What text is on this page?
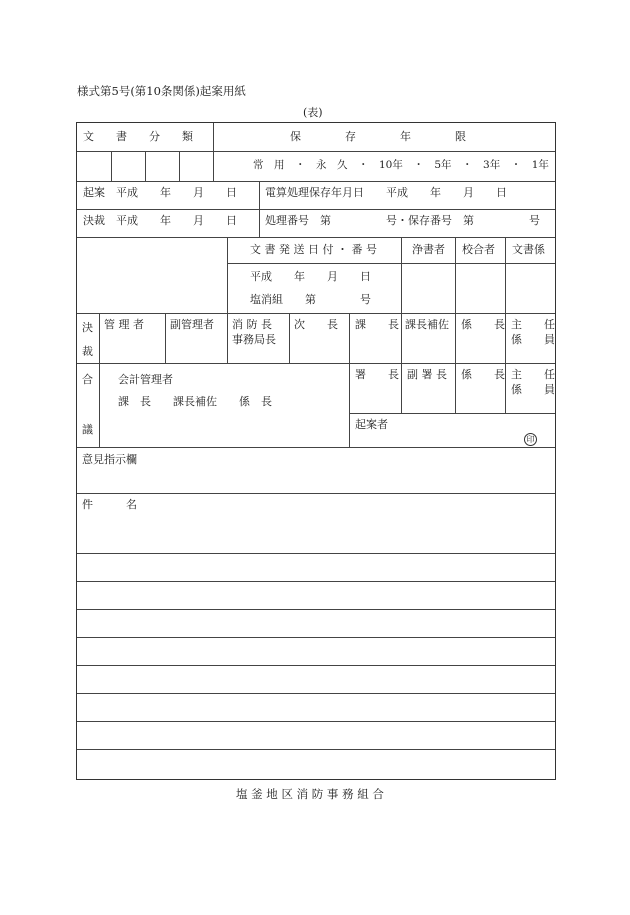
様式第5号(第10条関係)起案用紙
(表)
文　　書　　分　　類	保　　　　存　　　　年　　　　限
常　用　・　永　久　・　10年　・　5年　・　3年　・　1年
起案　平成　　年　　月　　日
決裁　平成　　年　　月　　日
電算処理保存年月日　　平成　　年　　月　　日
処理番号　第　　　　　号・保存番号　第　　　　　号
文 書 発 送 日 付 ・ 番 号
平成　　年　　月　　日
塩消組　　第　　　　号
浄書者 校合者 文書係
決
裁
管 理 者 副管理者 消 防 長
事務局長
次　　長 課　　長 課長補佐 係　　長 主　　任
係　　員
合
議
会計管理者
課　長　　課長補佐　　係　長
署　　長 副 署 長 係　　長 主　　任
係　　員
起案者
印
意見指示欄
件　　　名
塩 釜 地 区 消 防 事 務 組 合
